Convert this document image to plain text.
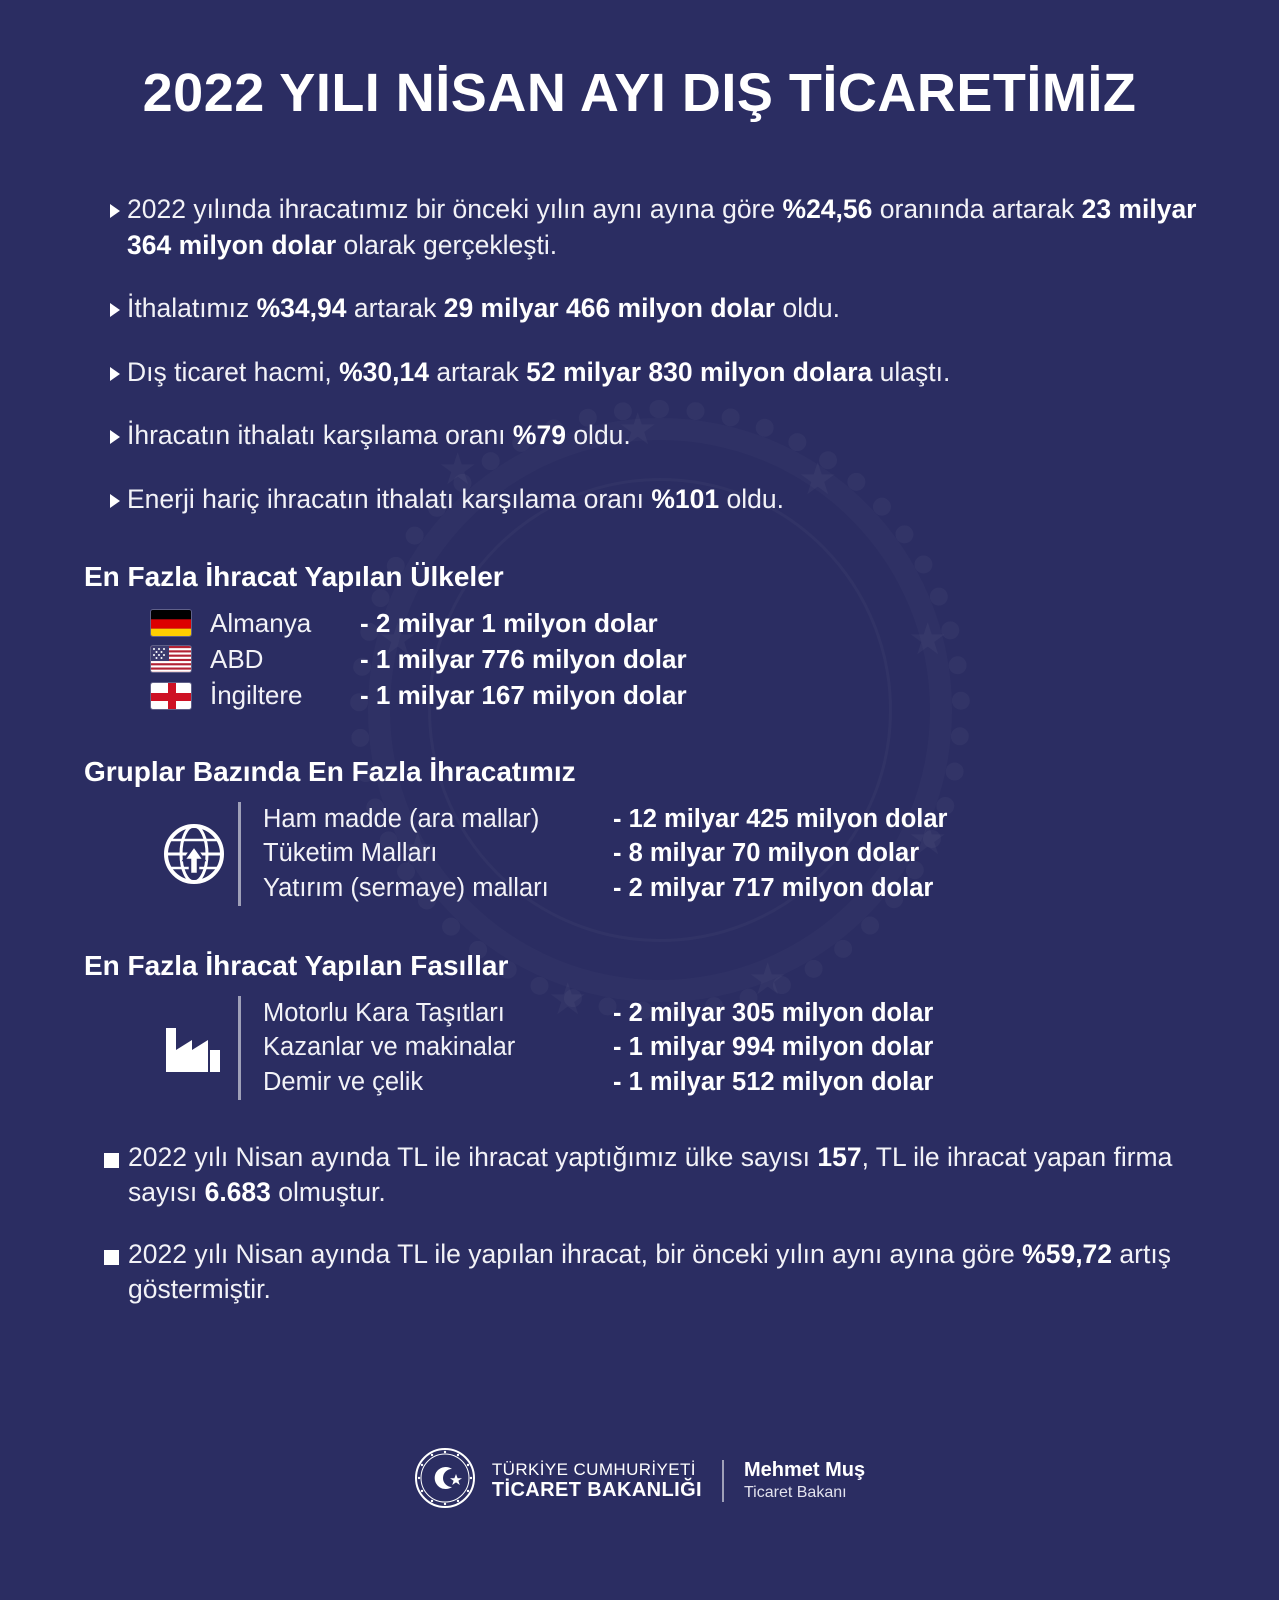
2022 YILI NİSAN AYI DIŞ TİCARETİMİZ
2022 yılında ihracatımız bir önceki yılın aynı ayına göre %24,56 oranında artarak 23 milyar 364 milyon dolar olarak gerçekleşti.
İthalatımız %34,94 artarak 29 milyar 466 milyon dolar oldu.
Dış ticaret hacmi, %30,14 artarak 52 milyar 830 milyon dolara ulaştı.
İhracatın ithalatı karşılama oranı %79 oldu.
Enerji hariç ihracatın ithalatı karşılama oranı %101 oldu.
En Fazla İhracat Yapılan Ülkeler
Almanya	- 2 milyar 1 milyon dolar
ABD	- 1 milyar 776 milyon dolar
İngiltere	- 1 milyar 167 milyon dolar
Gruplar Bazında En Fazla İhracatımız
Ham madde (ara mallar)	- 12 milyar 425 milyon dolar
Tüketim Malları	- 8 milyar 70 milyon dolar
Yatırım (sermaye) malları	- 2 milyar 717 milyon dolar
En Fazla İhracat Yapılan Fasıllar
Motorlu Kara Taşıtları	- 2 milyar 305 milyon dolar
Kazanlar ve makinalar	- 1 milyar 994 milyon dolar
Demir ve çelik	- 1 milyar 512 milyon dolar
2022 yılı Nisan ayında TL ile ihracat yaptığımız ülke sayısı 157, TL ile ihracat yapan firma sayısı 6.683 olmuştur.
2022 yılı Nisan ayında TL ile yapılan ihracat, bir önceki yılın aynı ayına göre %59,72 artış göstermiştir.
TÜRKİYE CUMHURİYETİ
TİCARET BAKANLIĞI
Mehmet Muş
Ticaret Bakanı
